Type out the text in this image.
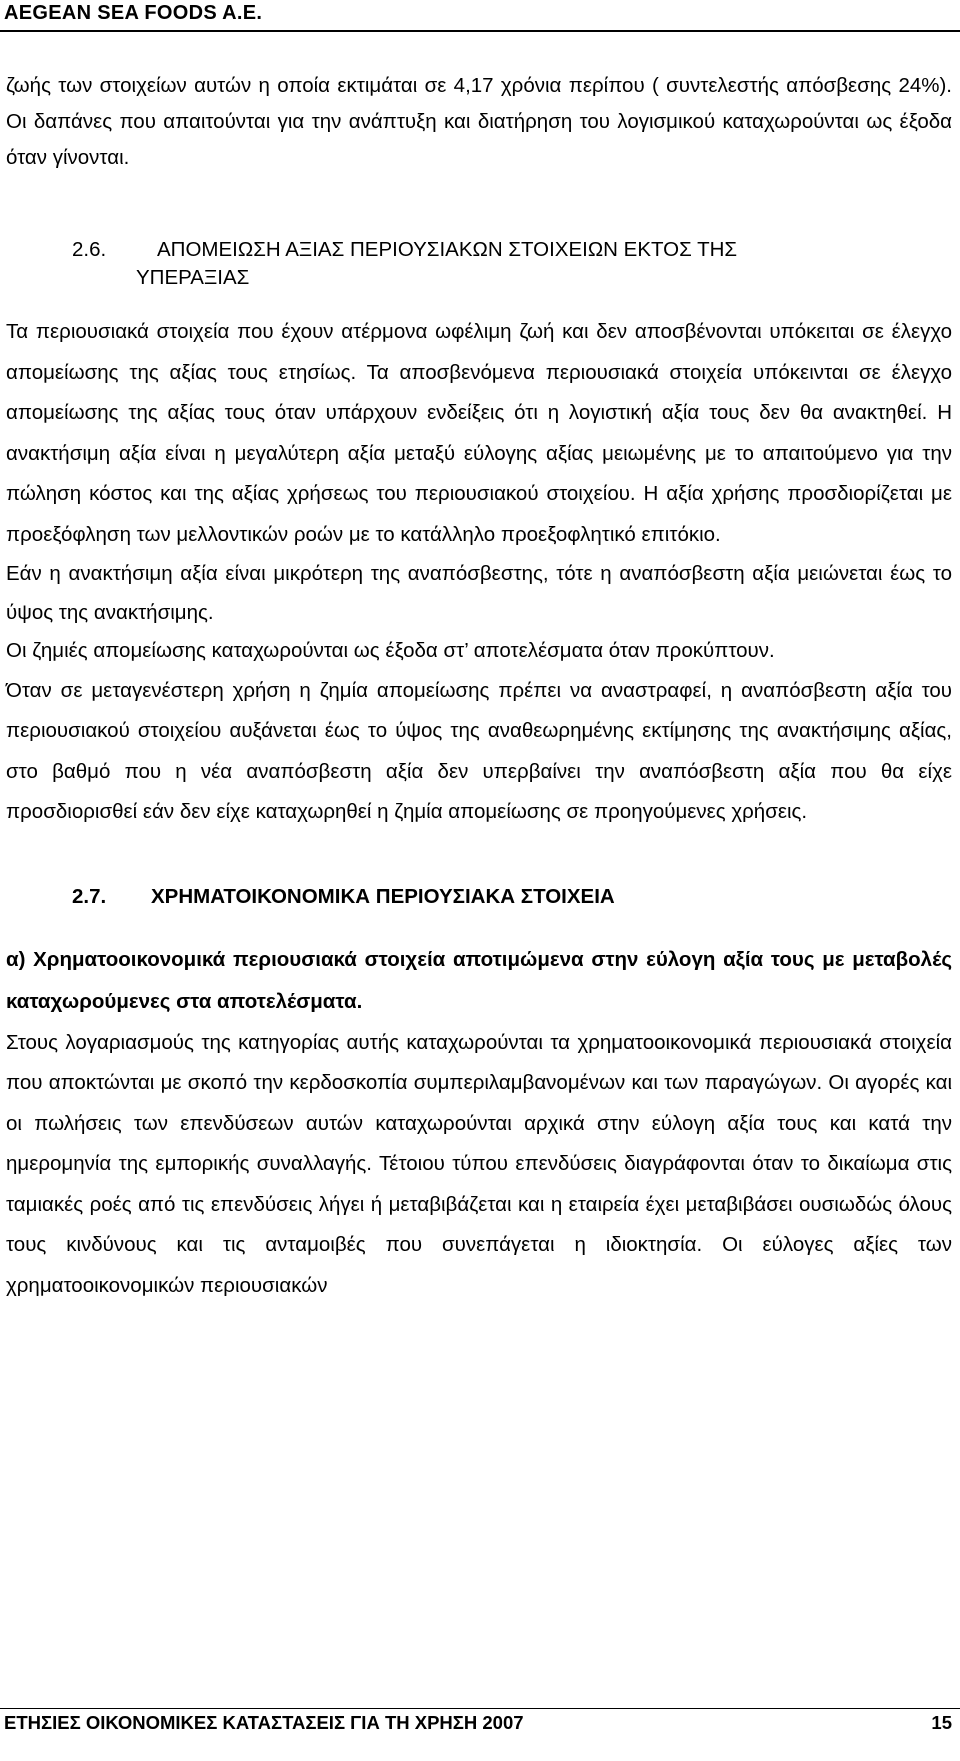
AEGEAN SEA FOODS A.E.

ζωής των στοιχείων αυτών η οποία εκτιμάται σε 4,17 χρόνια περίπου ( συντελεστής απόσβεσης 24%). Οι δαπάνες που απαιτούνται για την ανάπτυξη και διατήρηση του λογισμικού καταχωρούνται ως έξοδα όταν γίνονται.

2.6.	ΑΠΟΜΕΙΩΣΗ ΑΞΙΑΣ ΠΕΡΙΟΥΣΙΑΚΩΝ ΣΤΟΙΧΕΙΩΝ ΕΚΤΟΣ ΤΗΣ
ΥΠΕΡΑΞΙΑΣ

Τα περιουσιακά στοιχεία που έχουν ατέρμονα ωφέλιμη ζωή και δεν αποσβένονται υπόκειται σε έλεγχο απομείωσης της αξίας τους ετησίως. Τα αποσβενόμενα περιουσιακά στοιχεία υπόκεινται σε έλεγχο απομείωσης της αξίας τους όταν υπάρχουν ενδείξεις ότι η λογιστική αξία τους δεν θα ανακτηθεί. Η ανακτήσιμη αξία είναι η μεγαλύτερη αξία μεταξύ εύλογης αξίας μειωμένης με το απαιτούμενο για την πώληση κόστος και της αξίας χρήσεως του περιουσιακού στοιχείου. Η αξία χρήσης προσδιορίζεται με προεξόφληση των μελλοντικών ροών με το κατάλληλο προεξοφλητικό επιτόκιο.

Εάν η ανακτήσιμη αξία είναι μικρότερη της αναπόσβεστης, τότε η αναπόσβεστη αξία μειώνεται έως το ύψος της ανακτήσιμης.

Οι ζημιές απομείωσης καταχωρούνται ως έξοδα στ’ αποτελέσματα όταν προκύπτουν.

Όταν σε μεταγενέστερη χρήση η ζημία απομείωσης πρέπει να αναστραφεί, η αναπόσβεστη αξία του περιουσιακού στοιχείου αυξάνεται έως το ύψος της αναθεωρημένης εκτίμησης της ανακτήσιμης αξίας, στο βαθμό που η νέα αναπόσβεστη αξία δεν υπερβαίνει την αναπόσβεστη αξία που θα είχε προσδιορισθεί εάν δεν είχε καταχωρηθεί η ζημία απομείωσης σε προηγούμενες χρήσεις.

2.7.	ΧΡΗΜΑΤΟΙΚΟΝΟΜΙΚΑ ΠΕΡΙΟΥΣΙΑΚΑ ΣΤΟΙΧΕΙΑ

α) Χρηματοοικονομικά περιουσιακά στοιχεία αποτιμώμενα στην εύλογη αξία τους με μεταβολές καταχωρούμενες στα αποτελέσματα.

Στους λογαριασμούς της κατηγορίας αυτής καταχωρούνται τα χρηματοοικονομικά περιουσιακά στοιχεία που αποκτώνται με σκοπό την κερδοσκοπία συμπεριλαμβανομένων και των παραγώγων. Οι αγορές και οι πωλήσεις των επενδύσεων αυτών καταχωρούνται αρχικά στην εύλογη αξία τους και κατά την ημερομηνία της εμπορικής συναλλαγής. Τέτοιου τύπου επενδύσεις διαγράφονται όταν το δικαίωμα στις ταμιακές ροές από τις επενδύσεις λήγει ή μεταβιβάζεται και η εταιρεία έχει μεταβιβάσει ουσιωδώς όλους τους κινδύνους και τις ανταμοιβές που συνεπάγεται η ιδιοκτησία. Οι εύλογες αξίες των χρηματοοικονομικών περιουσιακών

ΕΤΗΣΙΕΣ ΟΙΚΟΝΟΜΙΚΕΣ ΚΑΤΑΣΤΑΣΕΙΣ ΓΙΑ ΤΗ ΧΡΗΣΗ 2007	15
